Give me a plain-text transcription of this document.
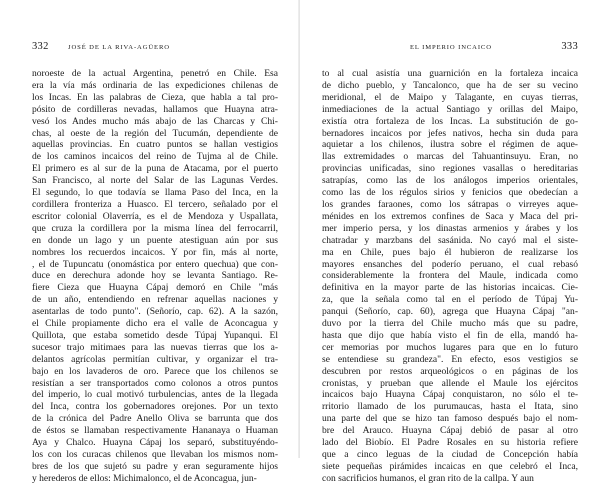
332	JOSÉ DE LA RIVA-AGÜERO
noroeste de la actual Argentina, penetró en Chile. Esa
era la vía más ordinaria de las expediciones chilenas de
los Incas. En las palabras de Cieza, que habla a tal pro-
pósito de cordilleras nevadas, hallamos que Huayna atra-
vesó los Andes mucho más abajo de las Charcas y Chi-
chas, al oeste de la región del Tucumán, dependiente de
aquellas provincias. En cuatro puntos se hallan vestigios
de los caminos incaicos del reino de Tujma al de Chile.
El primero es al sur de la puna de Atacama, por el puerto
San Francisco, al norte del Salar de las Lagunas Verdes.
El segundo, lo que todavía se llama Paso del Inca, en la
cordillera fronteriza a Huasco. El tercero, señalado por el
escritor colonial Olaverría, es el de Mendoza y Uspallata,
que cruza la cordillera por la misma línea del ferrocarril,
en donde un lago y un puente atestiguan aún por sus
nombres los recuerdos incaicos. Y por fin, más al norte,
, el de Tupuncatu (onomástica por entero quechua) que con-
duce en derechura adonde hoy se levanta Santiago. Re-
fiere Cieza que Huayna Cápaj demoró en Chile "más
de un año, entendiendo en refrenar aquellas naciones y
asentarlas de todo punto". (Señorío, cap. 62). A la sazón,
el Chile propiamente dicho era el valle de Aconcagua y
Quillota, que estaba sometido desde Túpaj Yupanqui. El
sucesor trajo mitimaes para las nuevas tierras que los a-
delantos agrícolas permitían cultivar, y organizar el tra-
bajo en los lavaderos de oro. Parece que los chilenos se
resistían a ser transportados como colonos a otros puntos
del imperio, lo cual motivó turbulencias, antes de la llegada
del Inca, contra los gobernadores orejones. Por un texto
de la crónica del Padre Anello Oliva se barrunta que dos
de éstos se llamaban respectivamente Hananaya o Huaman
Aya y Chalco. Huayna Cápaj los separó, substituyéndo-
los con los curacas chilenos que llevaban los mismos nom-
bres de los que sujetó su padre y eran seguramente hijos
y herederos de ellos: Michimalonco, el de Aconcagua, jun-
EL IMPERIO INCAICO	333
to al cual asistía una guarnición en la fortaleza incaica
de dicho pueblo, y Tancalonco, que ha de ser su vecino
meridional, el de Maipo y Talagante, en cuyas tierras,
inmediaciones de la actual Santiago y orillas del Maipo,
existía otra fortaleza de los Incas. La substitución de go-
bernadores incaicos por jefes nativos, hecha sin duda para
aquietar a los chilenos, ilustra sobre el régimen de aque-
llas extremidades o marcas del Tahuantinsuyu. Eran, no
provincias unificadas, sino regiones vasallas o hereditarias
satrapías, como las de los análogos imperios orientales,
como las de los régulos sirios y fenicios que obedecían a
los grandes faraones, como los sátrapas o virreyes aque-
ménides en los extremos confines de Saca y Maca del pri-
mer imperio persa, y los dinastas armenios y árabes y los
chatradar y marzbans del sasánida. No cayó mal el siste-
ma en Chile, pues bajo él hubieron de realizarse los
mayores ensanches del poderío peruano, el cual rebasó
considerablemente la frontera del Maule, indicada como
definitiva en la mayor parte de las historias incaicas. Cie-
za, que la señala como tal en el período de Túpaj Yu-
panqui (Señorío, cap. 60), agrega que Huayna Cápaj "an-
duvo por la tierra del Chile mucho más que su padre,
hasta que dijo que había visto el fin de ella, mandó ha-
cer memorias por muchos lugares para que en lo futuro
se entendiese su grandeza". En efecto, esos vestigios se
descubren por restos arqueológicos o en páginas de los
cronistas, y prueban que allende el Maule los ejércitos
incaicos bajo Huayna Cápaj conquistaron, no sólo el te-
rritorio llamado de los purumaucas, hasta el Itata, sino
una parte del que se hizo tan famoso después bajo el nom-
bre del Arauco. Huayna Cápaj debió de pasar al otro
lado del Biobío. El Padre Rosales en su historia refiere
que a cinco leguas de la ciudad de Concepción había
siete pequeñas pirámides incaicas en que celebró el Inca,
con sacrificios humanos, el gran rito de la callpa. Y aun
